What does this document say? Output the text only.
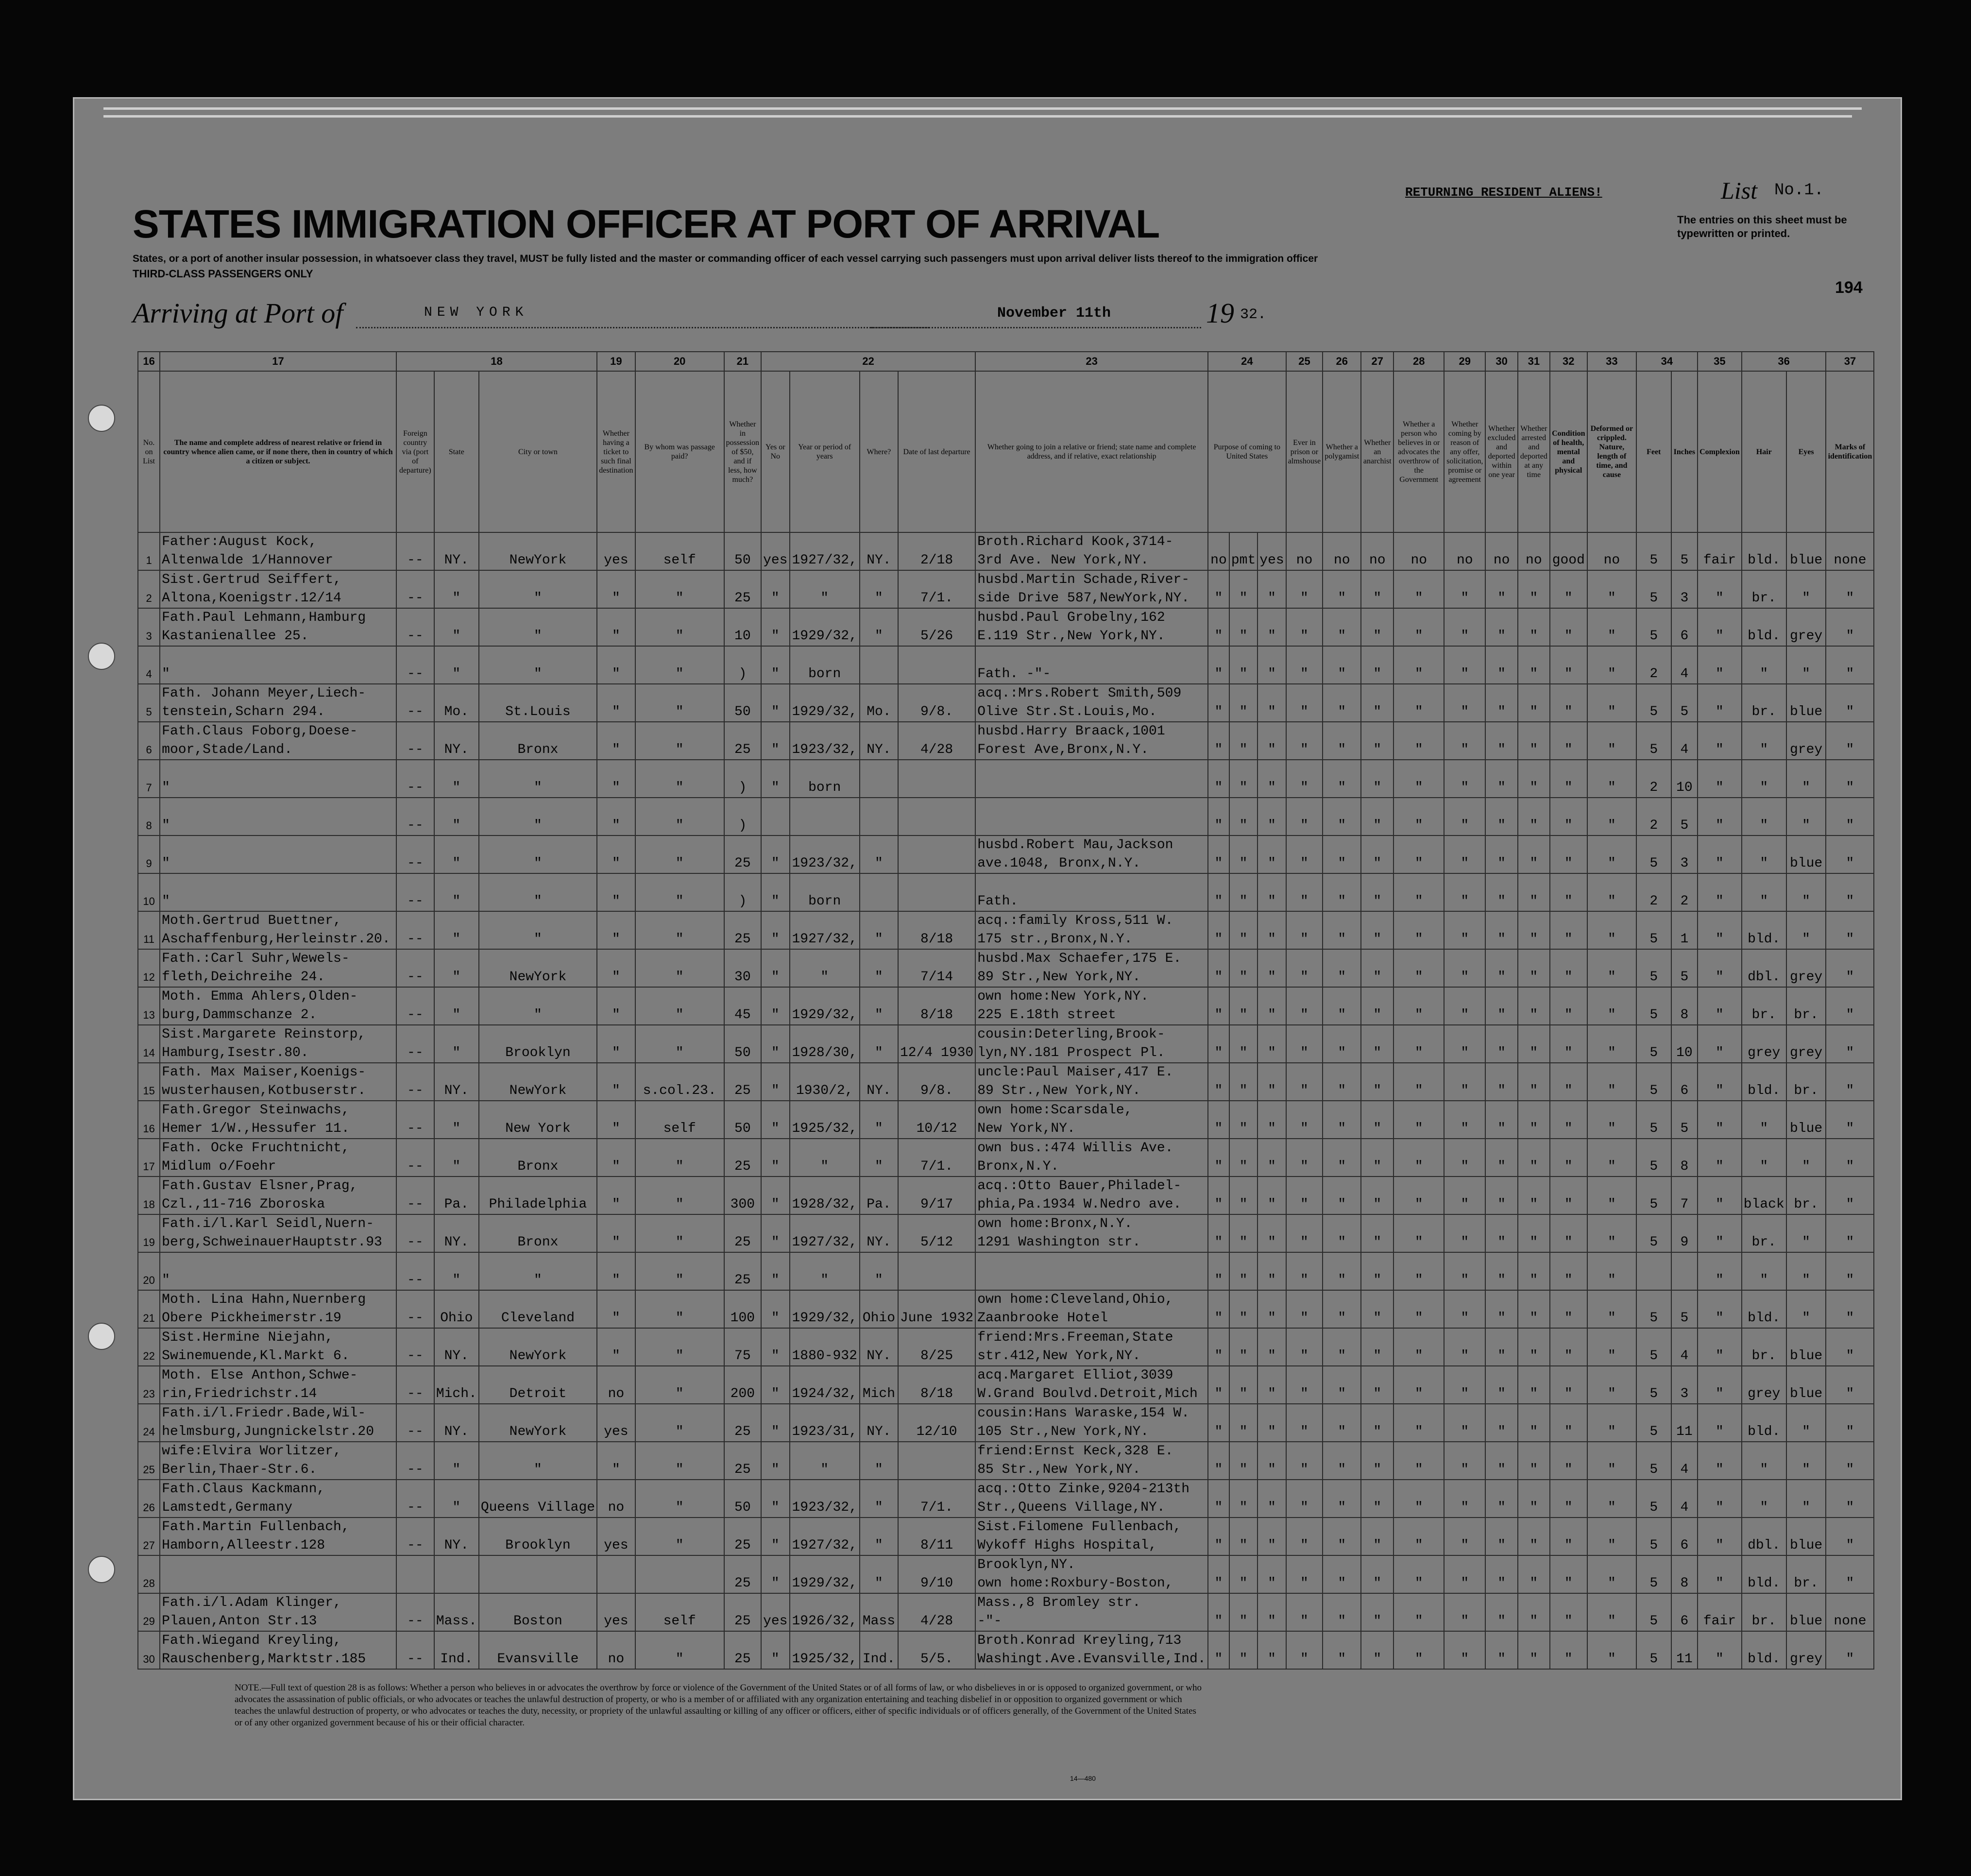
STATES IMMIGRATION OFFICER AT PORT OF ARRIVAL
RETURNING RESIDENT ALIENS!	List No.1.
The entries on this sheet must be typewritten or printed.
States, or a port of another insular possession, in whatsoever class they travel, MUST be fully listed and the master or commanding officer of each vessel carrying such passengers must upon arrival deliver lists thereof to the immigration officer
THIRD-CLASS PASSENGERS ONLY
194
Arriving at Port of	NEW YORK	November 11th	19 32.
16	17	18			19	20	21	22				23	24			25	26	27	28	29	30	31	32	33	34		35	36		37
No. on List	The name and complete address of nearest relative or friend in country whence alien came, or if none there, then in country of which a citizen or subject.	Foreign country via (port of departure)	State	City or town	Whether having a ticket to such final destination	By whom was passage paid?	Whether in possession of $50, and if less, how much?	Yes or No	Year or period of years	Where?	Date of last departure	Whether going to join a relative or friend; state name and complete address, and if relative, exact relationship	Purpose of coming to United States			Ever in prison or almshouse	Whether a polygamist	Whether an anarchist	Whether a person who believes in or advocates the overthrow of the Government	Whether coming by reason of any offer, solicitation, promise or agreement	Whether excluded and deported within one year	Whether arrested and deported at any time	Condition of health, mental and physical	Deformed or crippled. Nature, length of time, and cause	Feet	Inches	Complexion	Hair	Eyes	Marks of identification
	Father:August Kock,											Broth.Richard Kook,3714-																		
1	Altenwalde 1/Hannover	--	NY.	NewYork	yes	self	50	yes	1927/32,	NY.	2/18	3rd Ave. New York,NY.	no	pmt	yes	no	no	no	no	no	no	no	good	no	5	5	fair	bld.	blue	none
	Sist.Gertrud Seiffert,											husbd.Martin Schade,River-																		
2	Altona,Koenigstr.12/14	--	"	"	"	"	25	"	"	"	7/1.	side Drive 587,NewYork,NY.	"	"	"	"	"	"	"	"	"	"	"	"	5	3	"	br.	"	"
	Fath.Paul Lehmann,Hamburg											husbd.Paul Grobelny,162																		
3	Kastanienallee 25.	--	"	"	"	"	10	"	1929/32,	"	5/26	E.119 Str.,New York,NY.	"	"	"	"	"	"	"	"	"	"	"	"	5	6	"	bld.	grey	"

4	"	--	"	"	"	"	)	"	born			Fath. -"-	"	"	"	"	"	"	"	"	"	"	"	"	2	4	"	"	"	"
	Fath. Johann Meyer,Liech-											acq.:Mrs.Robert Smith,509																		
5	tenstein,Scharn 294.	--	Mo.	St.Louis	"	"	50	"	1929/32,	Mo.	9/8.	Olive Str.St.Louis,Mo.	"	"	"	"	"	"	"	"	"	"	"	"	5	5	"	br.	blue	"
	Fath.Claus Foborg,Doese-											husbd.Harry Braack,1001																		
6	moor,Stade/Land.	--	NY.	Bronx	"	"	25	"	1923/32,	NY.	4/28	Forest Ave,Bronx,N.Y.	"	"	"	"	"	"	"	"	"	"	"	"	5	4	"	"	grey	"

7	"	--	"	"	"	"	)	"	born				"	"	"	"	"	"	"	"	"	"	"	"	2	10	"	"	"	"

8	"	--	"	"	"	"	)						"	"	"	"	"	"	"	"	"	"	"	"	2	5	"	"	"	"
												husbd.Robert Mau,Jackson																		
9	"	--	"	"	"	"	25	"	1923/32,	"		ave.1048, Bronx,N.Y.	"	"	"	"	"	"	"	"	"	"	"	"	5	3	"	"	blue	"

10	"	--	"	"	"	"	)	"	born			Fath.	"	"	"	"	"	"	"	"	"	"	"	"	2	2	"	"	"	"
	Moth.Gertrud Buettner,											acq.:family Kross,511 W.																		
11	Aschaffenburg,Herleinstr.20.	--	"	"	"	"	25	"	1927/32,	"	8/18	175 str.,Bronx,N.Y.	"	"	"	"	"	"	"	"	"	"	"	"	5	1	"	bld.	"	"
	Fath.:Carl Suhr,Wewels-											husbd.Max Schaefer,175 E.																		
12	fleth,Deichreihe 24.	--	"	NewYork	"	"	30	"	"	"	7/14	89 Str.,New York,NY.	"	"	"	"	"	"	"	"	"	"	"	"	5	5	"	dbl.	grey	"
	Moth. Emma Ahlers,Olden-											own home:New York,NY.																		
13	burg,Dammschanze 2.	--	"	"	"	"	45	"	1929/32,	"	8/18	225 E.18th street	"	"	"	"	"	"	"	"	"	"	"	"	5	8	"	br.	br.	"
	Sist.Margarete Reinstorp,											cousin:Deterling,Brook-																		
14	Hamburg,Isestr.80.	--	"	Brooklyn	"	"	50	"	1928/30,	"	12/4 1930	lyn,NY.181 Prospect Pl.	"	"	"	"	"	"	"	"	"	"	"	"	5	10	"	grey	grey	"
	Fath. Max Maiser,Koenigs-											uncle:Paul Maiser,417 E.																		
15	wusterhausen,Kotbuserstr.	--	NY.	NewYork	"	s.col.23.	25	"	1930/2,	NY.	9/8.	89 Str.,New York,NY.	"	"	"	"	"	"	"	"	"	"	"	"	5	6	"	bld.	br.	"
	Fath.Gregor Steinwachs,											own home:Scarsdale,																		
16	Hemer 1/W.,Hessufer 11.	--	"	New York	"	self	50	"	1925/32,	"	10/12	New York,NY.	"	"	"	"	"	"	"	"	"	"	"	"	5	5	"	"	blue	"
	Fath. Ocke Fruchtnicht,											own bus.:474 Willis Ave.																		
17	Midlum o/Foehr	--	"	Bronx	"	"	25	"	"	"	7/1.	Bronx,N.Y.	"	"	"	"	"	"	"	"	"	"	"	"	5	8	"	"	"	"
	Fath.Gustav Elsner,Prag,											acq.:Otto Bauer,Philadel-																		
18	Czl.,11-716 Zboroska	--	Pa.	Philadelphia	"	"	300	"	1928/32,	Pa.	9/17	phia,Pa.1934 W.Nedro ave.	"	"	"	"	"	"	"	"	"	"	"	"	5	7	"	black	br.	"
	Fath.i/l.Karl Seidl,Nuern-											own home:Bronx,N.Y.																		
19	berg,SchweinauerHauptstr.93	--	NY.	Bronx	"	"	25	"	1927/32,	NY.	5/12	1291 Washington str.	"	"	"	"	"	"	"	"	"	"	"	"	5	9	"	br.	"	"

20	"	--	"	"	"	"	25	"	"	"			"	"	"	"	"	"	"	"	"	"	"	"			"	"	"	"
	Moth. Lina Hahn,Nuernberg											own home:Cleveland,Ohio,																		
21	Obere Pickheimerstr.19	--	Ohio	Cleveland	"	"	100	"	1929/32,	Ohio	June 1932	Zaanbrooke Hotel	"	"	"	"	"	"	"	"	"	"	"	"	5	5	"	bld.	"	"
	Sist.Hermine Niejahn,											friend:Mrs.Freeman,State																		
22	Swinemuende,Kl.Markt 6.	--	NY.	NewYork	"	"	75	"	1880-932	NY.	8/25	str.412,New York,NY.	"	"	"	"	"	"	"	"	"	"	"	"	5	4	"	br.	blue	"
	Moth. Else Anthon,Schwe-											acq.Margaret Elliot,3039																		
23	rin,Friedrichstr.14	--	Mich.	Detroit	no	"	200	"	1924/32,	Mich	8/18	W.Grand Boulvd.Detroit,Mich	"	"	"	"	"	"	"	"	"	"	"	"	5	3	"	grey	blue	"
	Fath.i/l.Friedr.Bade,Wil-											cousin:Hans Waraske,154 W.																		
24	helmsburg,Jungnickelstr.20	--	NY.	NewYork	yes	"	25	"	1923/31,	NY.	12/10	105 Str.,New York,NY.	"	"	"	"	"	"	"	"	"	"	"	"	5	11	"	bld.	"	"
	wife:Elvira Worlitzer,											friend:Ernst Keck,328 E.																		
25	Berlin,Thaer-Str.6.	--	"	"	"	"	25	"	"	"		85 Str.,New York,NY.	"	"	"	"	"	"	"	"	"	"	"	"	5	4	"	"	"	"
	Fath.Claus Kackmann,											acq.:Otto Zinke,9204-213th																		
26	Lamstedt,Germany	--	"	Queens Village	no	"	50	"	1923/32,	"	7/1.	Str.,Queens Village,NY.	"	"	"	"	"	"	"	"	"	"	"	"	5	4	"	"	"	"
	Fath.Martin Fullenbach,											Sist.Filomene Fullenbach,																		
27	Hamborn,Alleestr.128	--	NY.	Brooklyn	yes	"	25	"	1927/32,	"	8/11	Wykoff Highs Hospital,	"	"	"	"	"	"	"	"	"	"	"	"	5	6	"	dbl.	blue	"
												Brooklyn,NY.																		
28							25	"	1929/32,	"	9/10	own home:Roxbury-Boston,	"	"	"	"	"	"	"	"	"	"	"	"	5	8	"	bld.	br.	"
	Fath.i/l.Adam Klinger,											Mass.,8 Bromley str.																		
29	Plauen,Anton Str.13	--	Mass.	Boston	yes	self	25	yes	1926/32,	Mass	4/28	-"-	"	"	"	"	"	"	"	"	"	"	"	"	5	6	fair	br.	blue	none
	Fath.Wiegand Kreyling,											Broth.Konrad Kreyling,713																		
30	Rauschenberg,Marktstr.185	--	Ind.	Evansville	no	"	25	"	1925/32,	Ind.	5/5.	Washingt.Ave.Evansville,Ind.	"	"	"	"	"	"	"	"	"	"	"	"	5	11	"	bld.	grey	"
NOTE.—Full text of question 28 is as follows: Whether a person who believes in or advocates the overthrow by force or violence of the Government of the United States or of all forms of law, or who disbelieves in or is opposed to organized government, or who advocates the assassination of public officials, or who advocates or teaches the unlawful destruction of property, or who is a member of or affiliated with any organization entertaining and teaching disbelief in or opposition to organized government or which teaches the unlawful destruction of property, or who advocates or teaches the duty, necessity, or propriety of the unlawful assaulting or killing of any officer or officers, either of specific individuals or of officers generally, of the Government of the United States or of any other organized government because of his or their official character.
14—480
